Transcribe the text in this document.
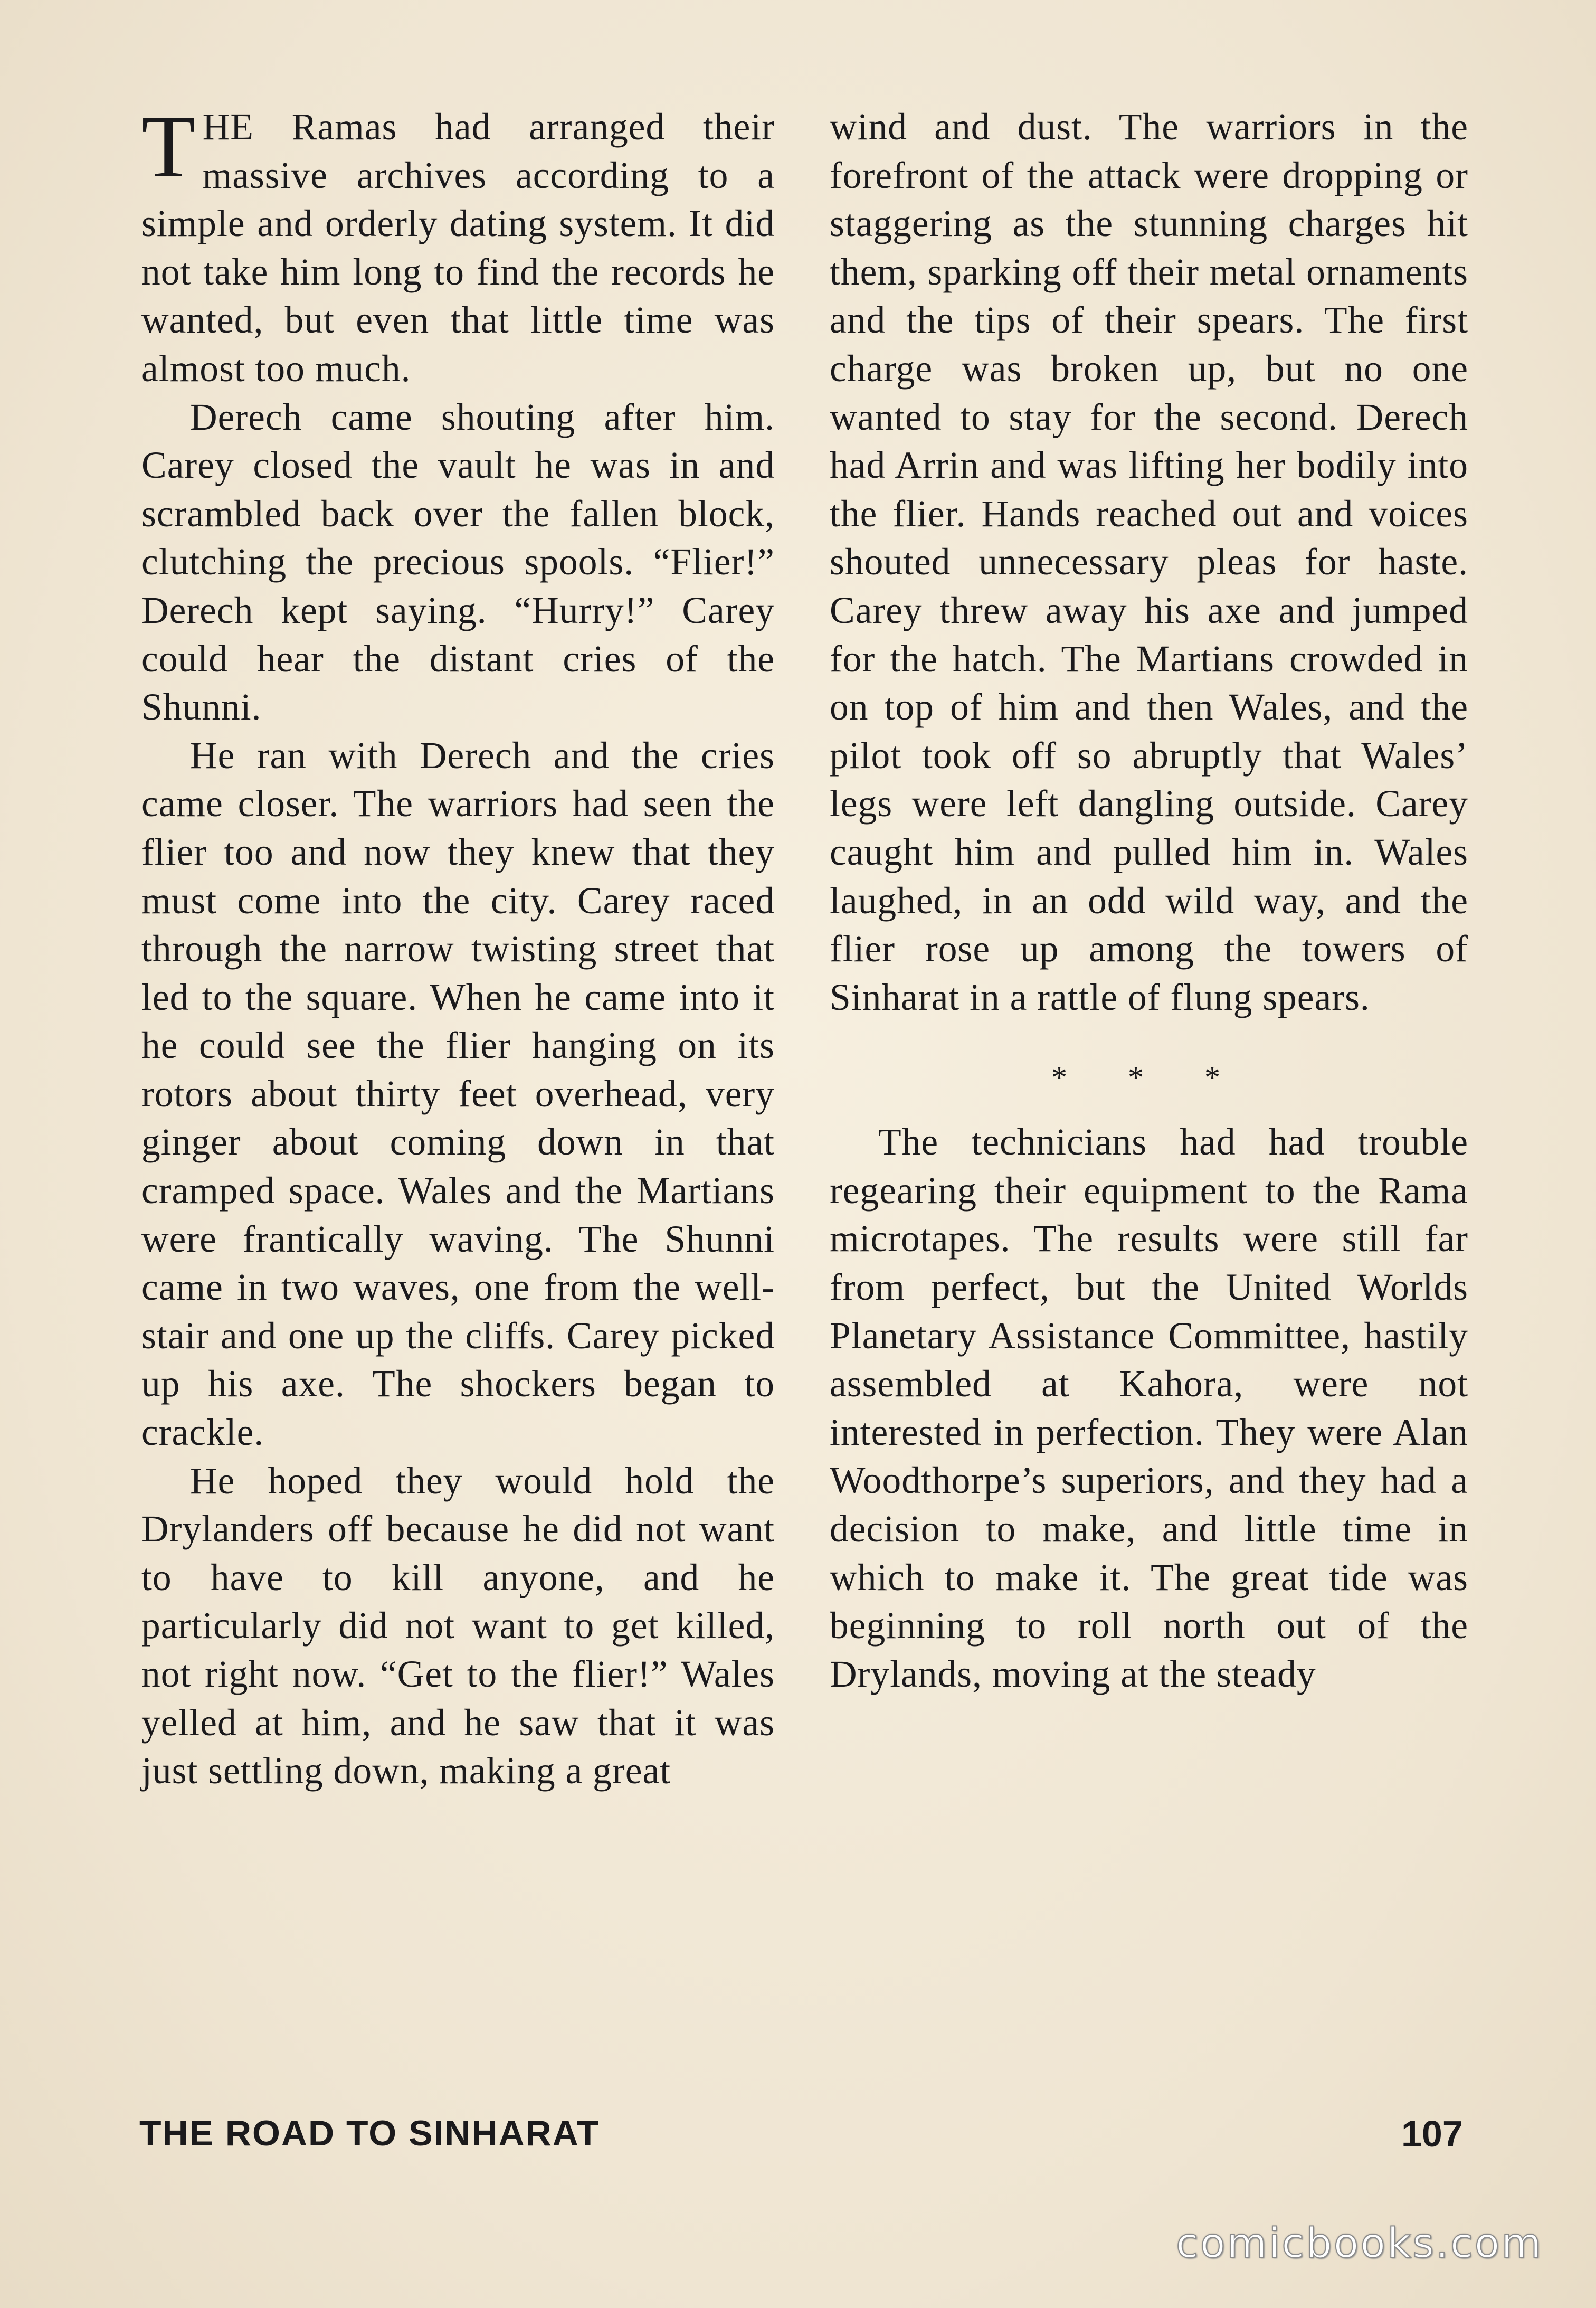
THE Ramas had arranged their massive archives according to a simple and orderly dating system. It did not take him long to find the records he wanted, but even that little time was almost too much.

Derech came shouting after him. Carey closed the vault he was in and scrambled back over the fallen block, clutching the precious spools. “Flier!” Derech kept saying. “Hurry!” Carey could hear the distant cries of the Shunni.

He ran with Derech and the cries came closer. The warriors had seen the flier too and now they knew that they must come into the city. Carey raced through the narrow twisting street that led to the square. When he came into it he could see the flier hanging on its rotors about thirty feet overhead, very ginger about coming down in that cramped space. Wales and the Martians were frantically waving. The Shunni came in two waves, one from the well-stair and one up the cliffs. Carey picked up his axe. The shockers began to crackle.

He hoped they would hold the Drylanders off because he did not want to have to kill anyone, and he particularly did not want to get killed, not right now. “Get to the flier!” Wales yelled at him, and he saw that it was just settling down, making a great

wind and dust. The warriors in the forefront of the attack were dropping or staggering as the stunning charges hit them, sparking off their metal ornaments and the tips of their spears. The first charge was broken up, but no one wanted to stay for the second. Derech had Arrin and was lifting her bodily into the flier. Hands reached out and voices shouted unnecessary pleas for haste. Carey threw away his axe and jumped for the hatch. The Martians crowded in on top of him and then Wales, and the pilot took off so abruptly that Wales’ legs were left dangling outside. Carey caught him and pulled him in. Wales laughed, in an odd wild way, and the flier rose up among the towers of Sinharat in a rattle of flung spears.

* * *

The technicians had had trouble regearing their equipment to the Rama microtapes. The results were still far from perfect, but the United Worlds Planetary Assistance Committee, hastily assembled at Kahora, were not interested in perfection. They were Alan Woodthorpe’s superiors, and they had a decision to make, and little time in which to make it. The great tide was beginning to roll north out of the Drylands, moving at the steady

THE ROAD TO SINHARAT	107
comicbooks.com
